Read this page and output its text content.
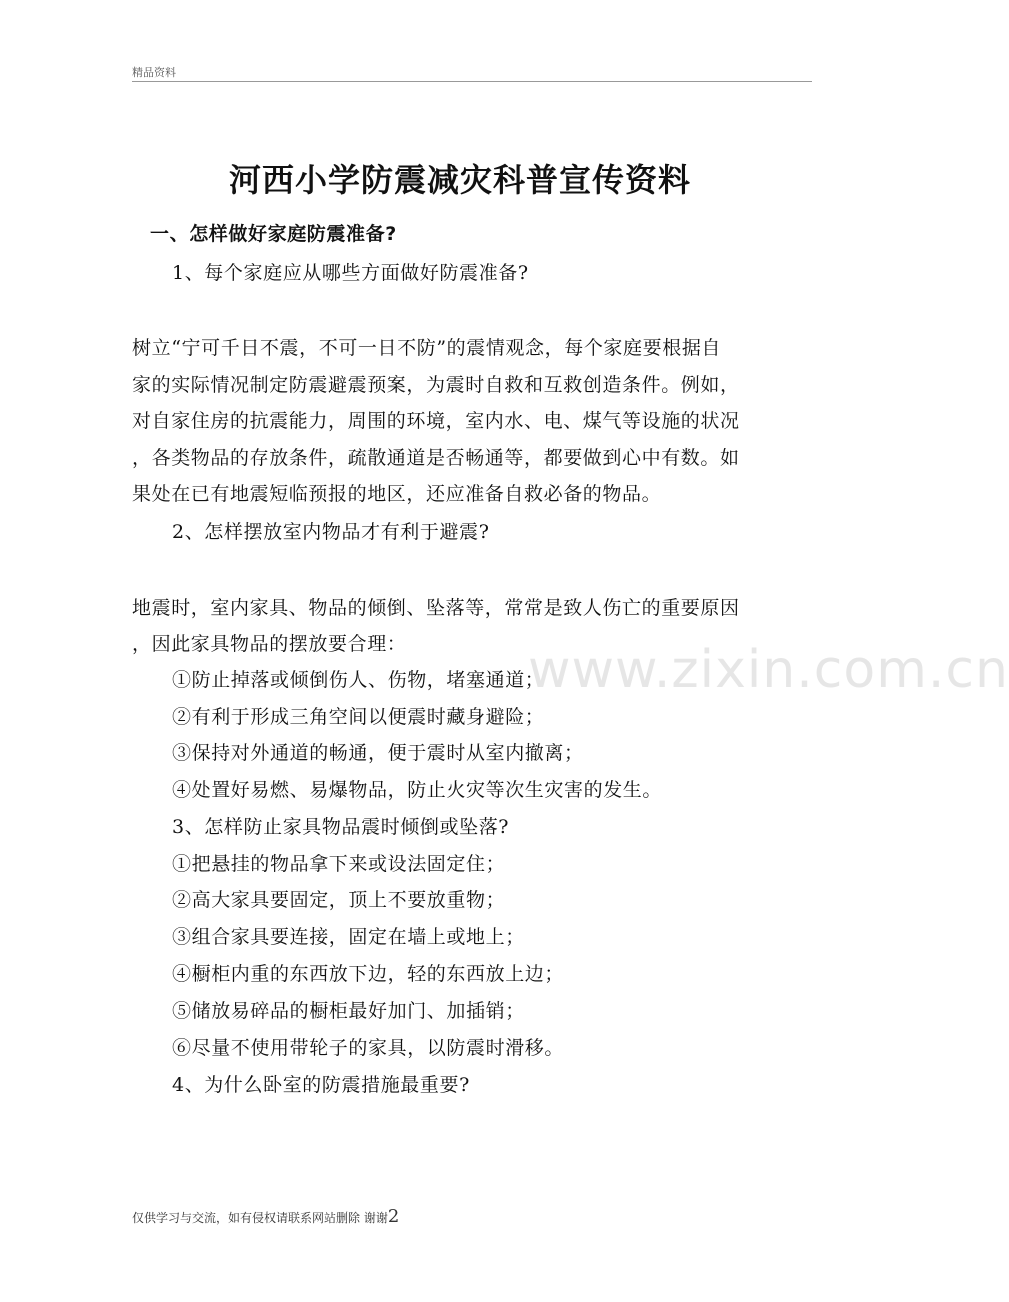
精品资料
www.zixin.com.cn
河西小学防震减灾科普宣传资料
一、怎样做好家庭防震准备?
1、每个家庭应从哪些方面做好防震准备?
树立“宁可千日不震，不可一日不防”的震情观念，每个家庭要根据自
家的实际情况制定防震避震预案，为震时自救和互救创造条件。例如，
对自家住房的抗震能力，周围的环境，室内水、电、煤气等设施的状况
，各类物品的存放条件，疏散通道是否畅通等，都要做到心中有数。如
果处在已有地震短临预报的地区，还应准备自救必备的物品。
2、怎样摆放室内物品才有利于避震?
地震时，室内家具、物品的倾倒、坠落等，常常是致人伤亡的重要原因
，因此家具物品的摆放要合理：
①防止掉落或倾倒伤人、伤物，堵塞通道；
②有利于形成三角空间以便震时藏身避险；
③保持对外通道的畅通，便于震时从室内撤离；
④处置好易燃、易爆物品，防止火灾等次生灾害的发生。
3、怎样防止家具物品震时倾倒或坠落?
①把悬挂的物品拿下来或设法固定住；
②高大家具要固定，顶上不要放重物；
③组合家具要连接，固定在墙上或地上；
④橱柜内重的东西放下边，轻的东西放上边；
⑤储放易碎品的橱柜最好加门、加插销；
⑥尽量不使用带轮子的家具，以防震时滑移。
4、为什么卧室的防震措施最重要?
仅供学习与交流，如有侵权请联系网站删除 谢谢2
